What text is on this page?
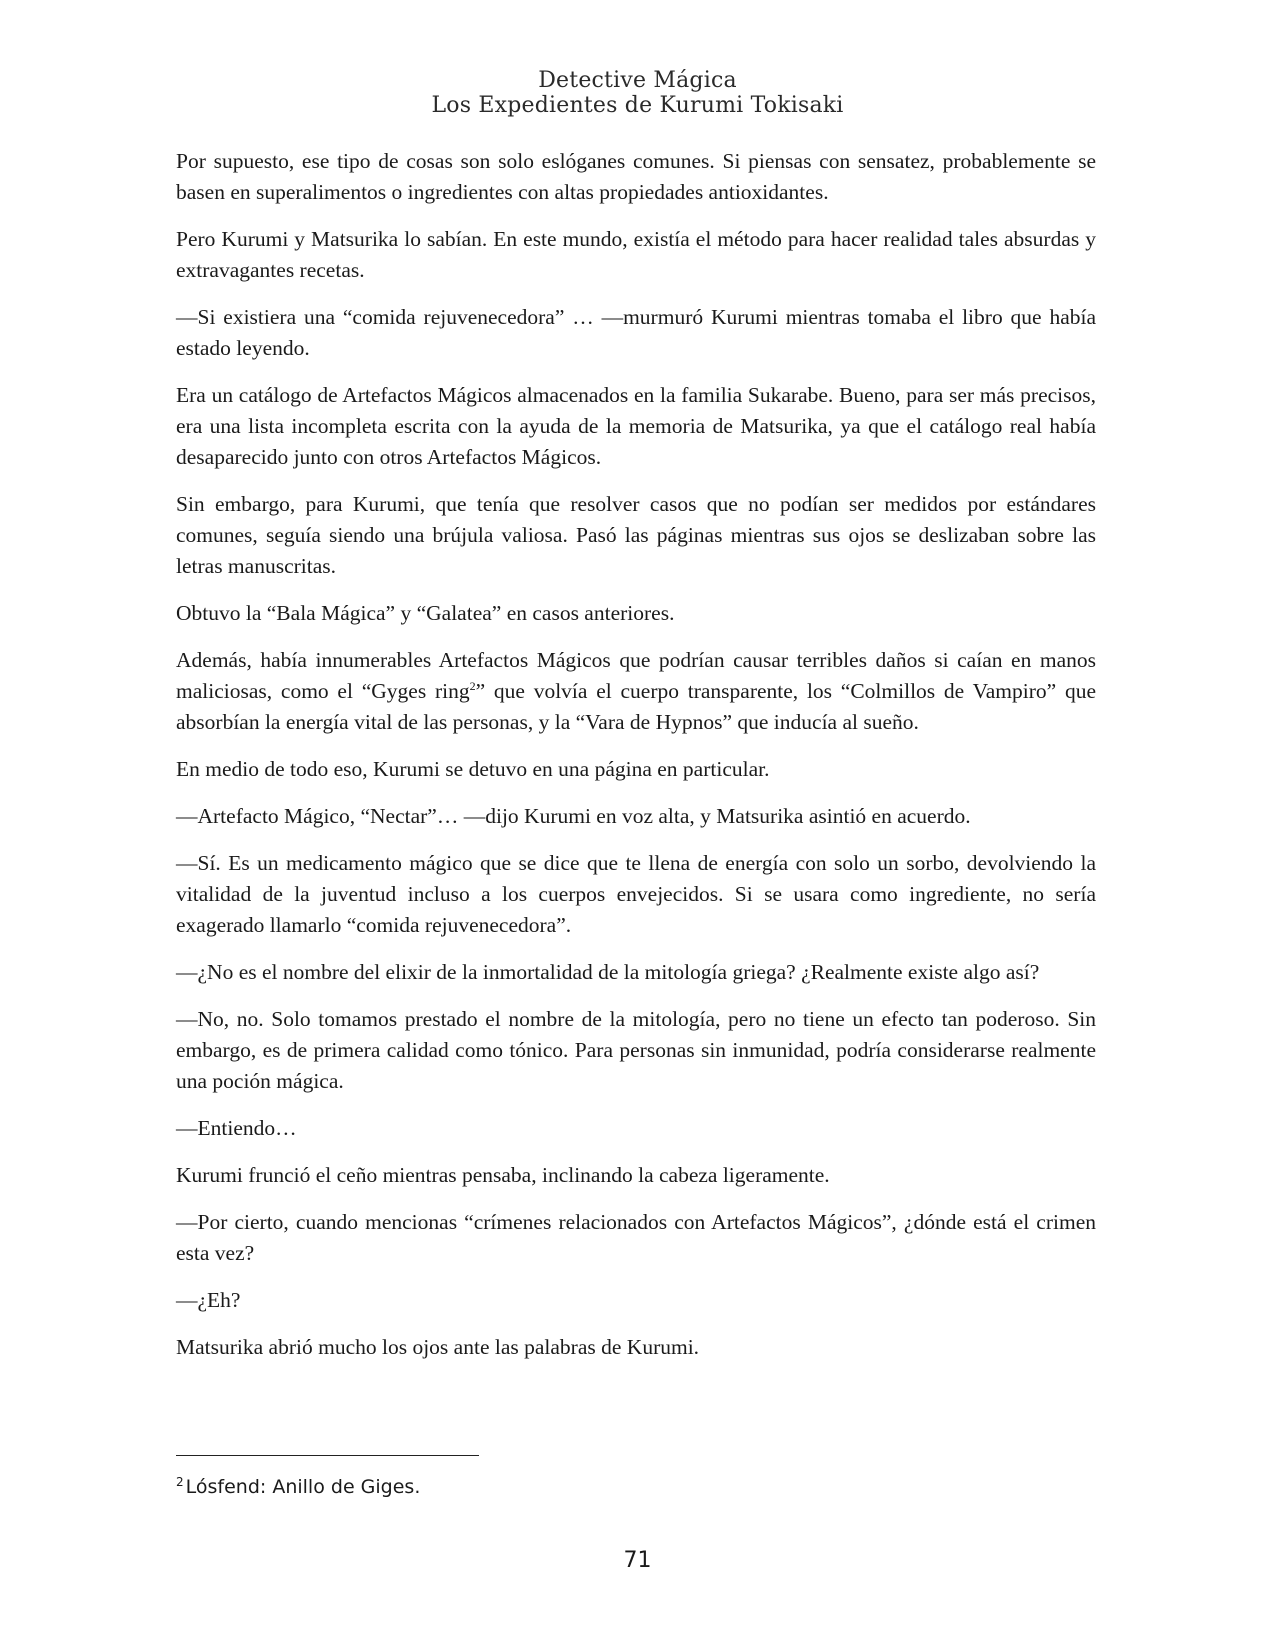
Detective Mágica
Los Expedientes de Kurumi Tokisaki

Por supuesto, ese tipo de cosas son solo eslóganes comunes. Si piensas con sensatez, probablemente se basen en superalimentos o ingredientes con altas propiedades antioxidantes.

Pero Kurumi y Matsurika lo sabían. En este mundo, existía el método para hacer realidad tales absurdas y extravagantes recetas.

—Si existiera una “comida rejuvenecedora” … —murmuró Kurumi mientras tomaba el libro que había estado leyendo.

Era un catálogo de Artefactos Mágicos almacenados en la familia Sukarabe. Bueno, para ser más precisos, era una lista incompleta escrita con la ayuda de la memoria de Matsurika, ya que el catálogo real había desaparecido junto con otros Artefactos Mágicos.

Sin embargo, para Kurumi, que tenía que resolver casos que no podían ser medidos por estándares comunes, seguía siendo una brújula valiosa. Pasó las páginas mientras sus ojos se deslizaban sobre las letras manuscritas.

Obtuvo la “Bala Mágica” y “Galatea” en casos anteriores.

Además, había innumerables Artefactos Mágicos que podrían causar terribles daños si caían en manos maliciosas, como el “Gyges ring$^2$” que volvía el cuerpo transparente, los “Colmillos de Vampiro” que absorbían la energía vital de las personas, y la “Vara de Hypnos” que inducía al sueño.

En medio de todo eso, Kurumi se detuvo en una página en particular.

—Artefacto Mágico, “Nectar”… —dijo Kurumi en voz alta, y Matsurika asintió en acuerdo.

—Sí. Es un medicamento mágico que se dice que te llena de energía con solo un sorbo, devolviendo la vitalidad de la juventud incluso a los cuerpos envejecidos. Si se usara como ingrediente, no sería exagerado llamarlo “comida rejuvenecedora”.

—¿No es el nombre del elixir de la inmortalidad de la mitología griega? ¿Realmente existe algo así?

—No, no. Solo tomamos prestado el nombre de la mitología, pero no tiene un efecto tan poderoso. Sin embargo, es de primera calidad como tónico. Para personas sin inmunidad, podría considerarse realmente una poción mágica.

—Entiendo…

Kurumi frunció el ceño mientras pensaba, inclinando la cabeza ligeramente.

—Por cierto, cuando mencionas “crímenes relacionados con Artefactos Mágicos”, ¿dónde está el crimen esta vez?

—¿Eh?

Matsurika abrió mucho los ojos ante las palabras de Kurumi.

$^2$ Lósfend: Anillo de Giges.
71
